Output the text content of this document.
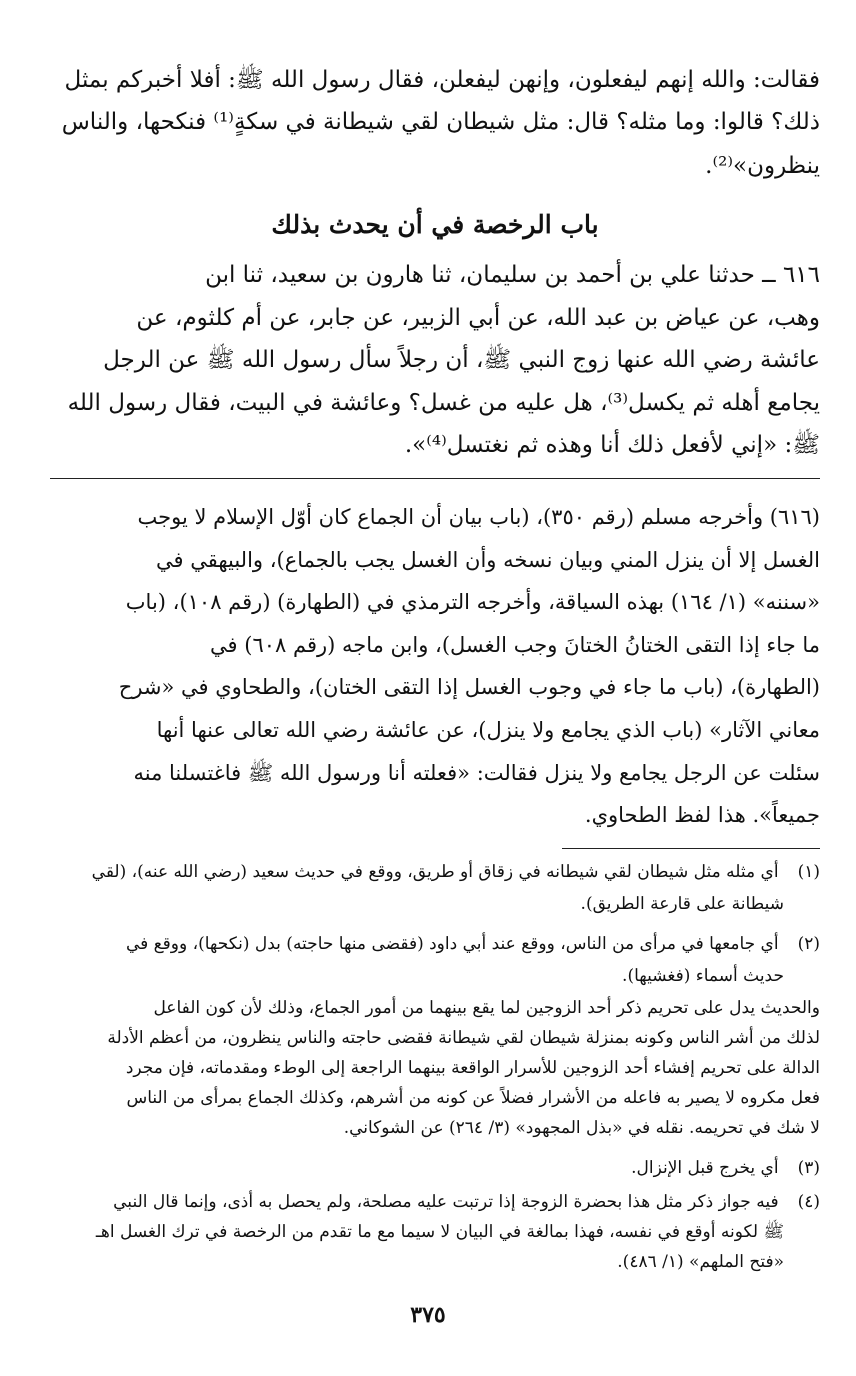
فقالت: والله إنهم ليفعلون، وإنهن ليفعلن، فقال رسول الله ﷺ: أفلا أخبركم بمثل
ذلك؟ قالوا: وما مثله؟ قال: مثل شيطان لقي شيطانة في سكةٍ⁽¹⁾ فنكحها، والناس
ينظرون»⁽²⁾.
باب الرخصة في أن يحدث بذلك
٦١٦ ــ حدثنا علي بن أحمد بن سليمان، ثنا هارون بن سعيد، ثنا ابن
وهب، عن عياض بن عبد الله، عن أبي الزبير، عن جابر، عن أم كلثوم، عن
عائشة رضي الله عنها زوج النبي ﷺ، أن رجلاً سأل رسول الله ﷺ عن الرجل
يجامع أهله ثم يكسل⁽³⁾، هل عليه من غسل؟ وعائشة في البيت، فقال رسول الله
ﷺ: «إني لأفعل ذلك أنا وهذه ثم نغتسل⁽⁴⁾».
(٦١٦) وأخرجه مسلم (رقم ٣٥٠)، (باب بيان أن الجماع كان أوّل الإسلام لا يوجب
الغسل إلا أن ينزل المني وبيان نسخه وأن الغسل يجب بالجماع)، والبيهقي في
«سننه» (١/ ١٦٤) بهذه السياقة، وأخرجه الترمذي في (الطهارة) (رقم ١٠٨)، (باب
ما جاء إذا التقى الختانُ الختانَ وجب الغسل)، وابن ماجه (رقم ٦٠٨) في
(الطهارة)، (باب ما جاء في وجوب الغسل إذا التقى الختان)، والطحاوي في «شرح
معاني الآثار» (باب الذي يجامع ولا ينزل)، عن عائشة رضي الله تعالى عنها أنها
سئلت عن الرجل يجامع ولا ينزل فقالت: «فعلته أنا ورسول الله ﷺ فاغتسلنا منه
جميعاً». هذا لفظ الطحاوي.
(١) أي مثله مثل شيطان لقي شيطانه في زقاق أو طريق، ووقع في حديث سعيد (رضي الله عنه)، (لقي
شيطانة على قارعة الطريق).
(٢) أي جامعها في مرأى من الناس، ووقع عند أبي داود (فقضى منها حاجته) بدل (نكحها)، ووقع في
حديث أسماء (فغشيها).
والحديث يدل على تحريم ذكر أحد الزوجين لما يقع بينهما من أمور الجماع، وذلك لأن كون الفاعل
لذلك من أشر الناس وكونه بمنزلة شيطان لقي شيطانة فقضى حاجته والناس ينظرون، من أعظم الأدلة
الدالة على تحريم إفشاء أحد الزوجين للأسرار الواقعة بينهما الراجعة إلى الوطء ومقدماته، فإن مجرد
فعل مكروه لا يصير به فاعله من الأشرار فضلاً عن كونه من أشرهم، وكذلك الجماع بمرأى من الناس
لا شك في تحريمه. نقله في «بذل المجهود» (٣/ ٢٦٤) عن الشوكاني.
(٣) أي يخرج قبل الإنزال.
(٤) فيه جواز ذكر مثل هذا بحضرة الزوجة إذا ترتبت عليه مصلحة، ولم يحصل به أذى، وإنما قال النبي
ﷺ لكونه أوقع في نفسه، فهذا بمالغة في البيان لا سيما مع ما تقدم من الرخصة في ترك الغسل اهـ
«فتح الملهم» (١/ ٤٨٦).
٣٧٥
